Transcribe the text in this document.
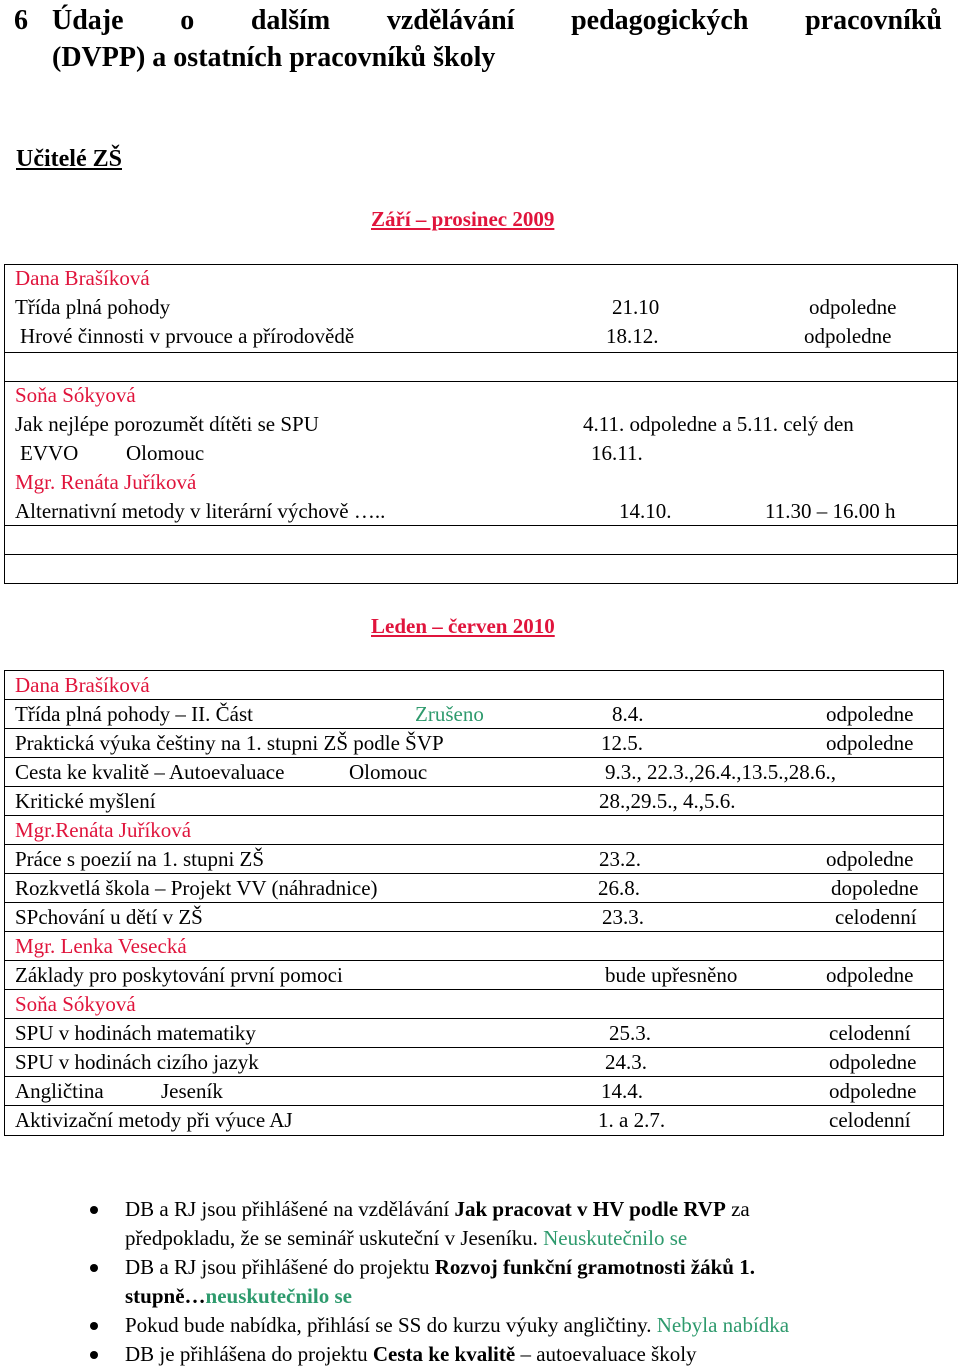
6 Údaje o dalším vzdělávání pedagogických pracovníků
(DVPP) a ostatních pracovníků školy
Učitelé ZŠ
Září – prosinec 2009
Dana Brašíková
Třída plná pohody	21.10	odpoledne
Hrové činnosti v prvouce a přírodovědě	18.12.	odpoledne
Soňa Sókyová
Jak nejlépe porozumět dítěti se SPU	4.11. odpoledne a 5.11. celý den
EVVO Olomouc	16.11.
Mgr. Renáta Juříková
Alternativní metody v literární výchově …..	14.10.	11.30 – 16.00 h
Leden – červen 2010
Dana Brašíková
Třída plná pohody – II. Část	Zrušeno	8.4.	odpoledne
Praktická výuka češtiny na 1. stupni ZŠ podle ŠVP	12.5.	odpoledne
Cesta ke kvalitě – Autoevaluace	Olomouc	9.3., 22.3.,26.4.,13.5.,28.6.,
Kritické myšlení	28.,29.5., 4.,5.6.
Mgr.Renáta Juříková
Práce s poezií na 1. stupni ZŠ	23.2.	odpoledne
Rozkvetlá škola – Projekt VV (náhradnice)	26.8.	dopoledne
SPchování u dětí v ZŠ	23.3.	celodenní
Mgr. Lenka Vesecká
Základy pro poskytování první pomoci	bude upřesněno	odpoledne
Soňa Sókyová
SPU v hodinách matematiky	25.3.	celodenní
SPU v hodinách cizího jazyk	24.3.	odpoledne
Angličtina	Jeseník	14.4.	odpoledne
Aktivizační metody při výuce AJ	1. a 2.7.	celodenní
DB a RJ jsou přihlášené na vzdělávání Jak pracovat v HV podle RVP za
předpokladu, že se seminář uskuteční v Jeseníku. Neuskutečnilo se
DB a RJ jsou přihlášené do projektu Rozvoj funkční gramotnosti žáků 1.
stupně…neuskutečnilo se
Pokud bude nabídka, přihlásí se SS do kurzu výuky angličtiny. Nebyla nabídka
DB je přihlášena do projektu Cesta ke kvalitě – autoevaluace školy
